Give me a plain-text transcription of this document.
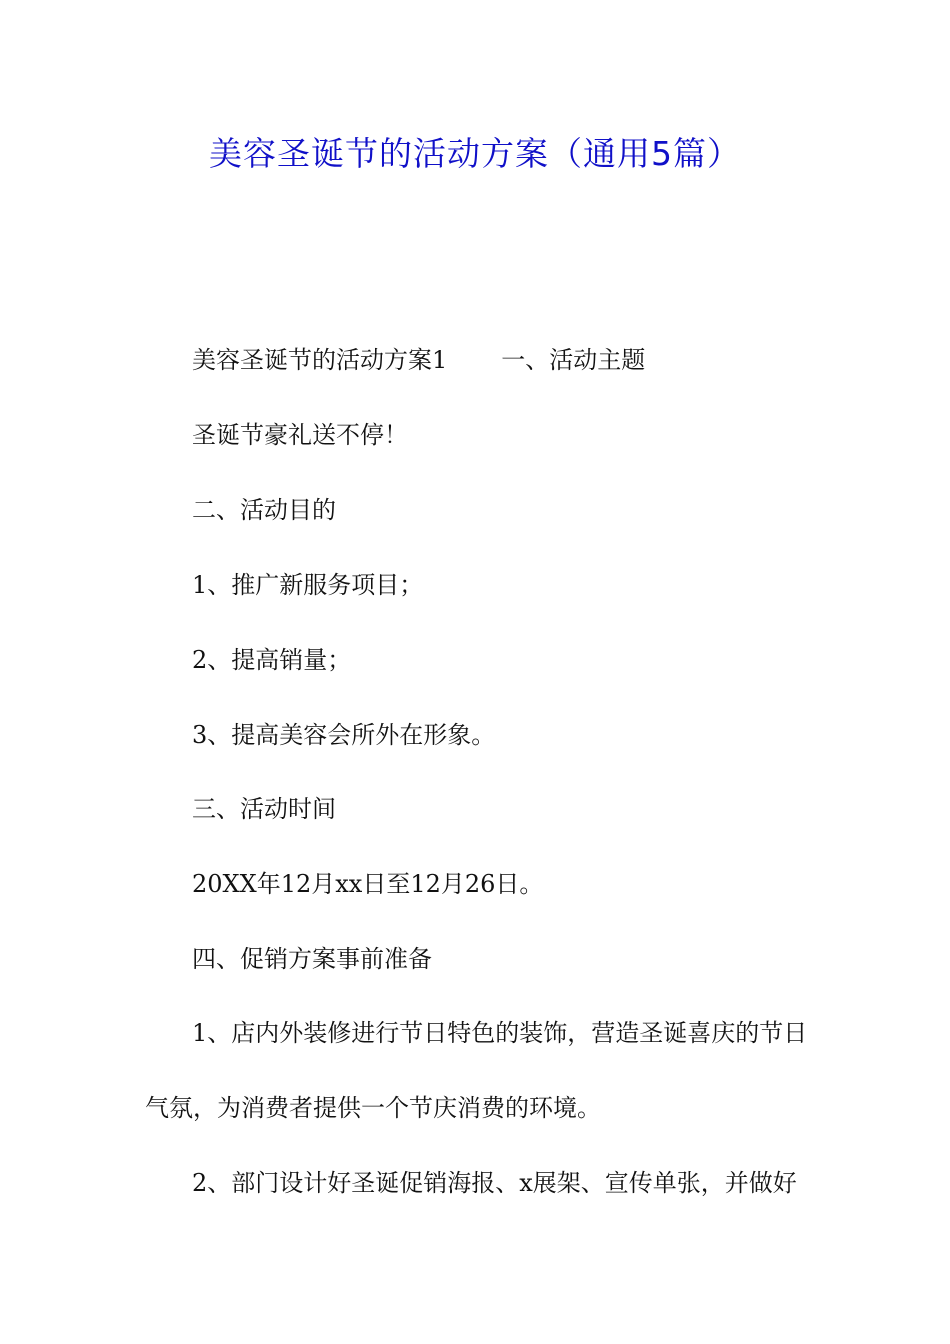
美容圣诞节的活动方案（通用5篇）
美容圣诞节的活动方案1 一、活动主题
圣诞节豪礼送不停！
二、活动目的
1、推广新服务项目；
2、提高销量；
3、提高美容会所外在形象。
三、活动时间
20XX年12月xx日至12月26日。
四、促销方案事前准备
1、店内外装修进行节日特色的装饰，营造圣诞喜庆的节日
气氛，为消费者提供一个节庆消费的环境。
2、部门设计好圣诞促销海报、x展架、宣传单张，并做好
